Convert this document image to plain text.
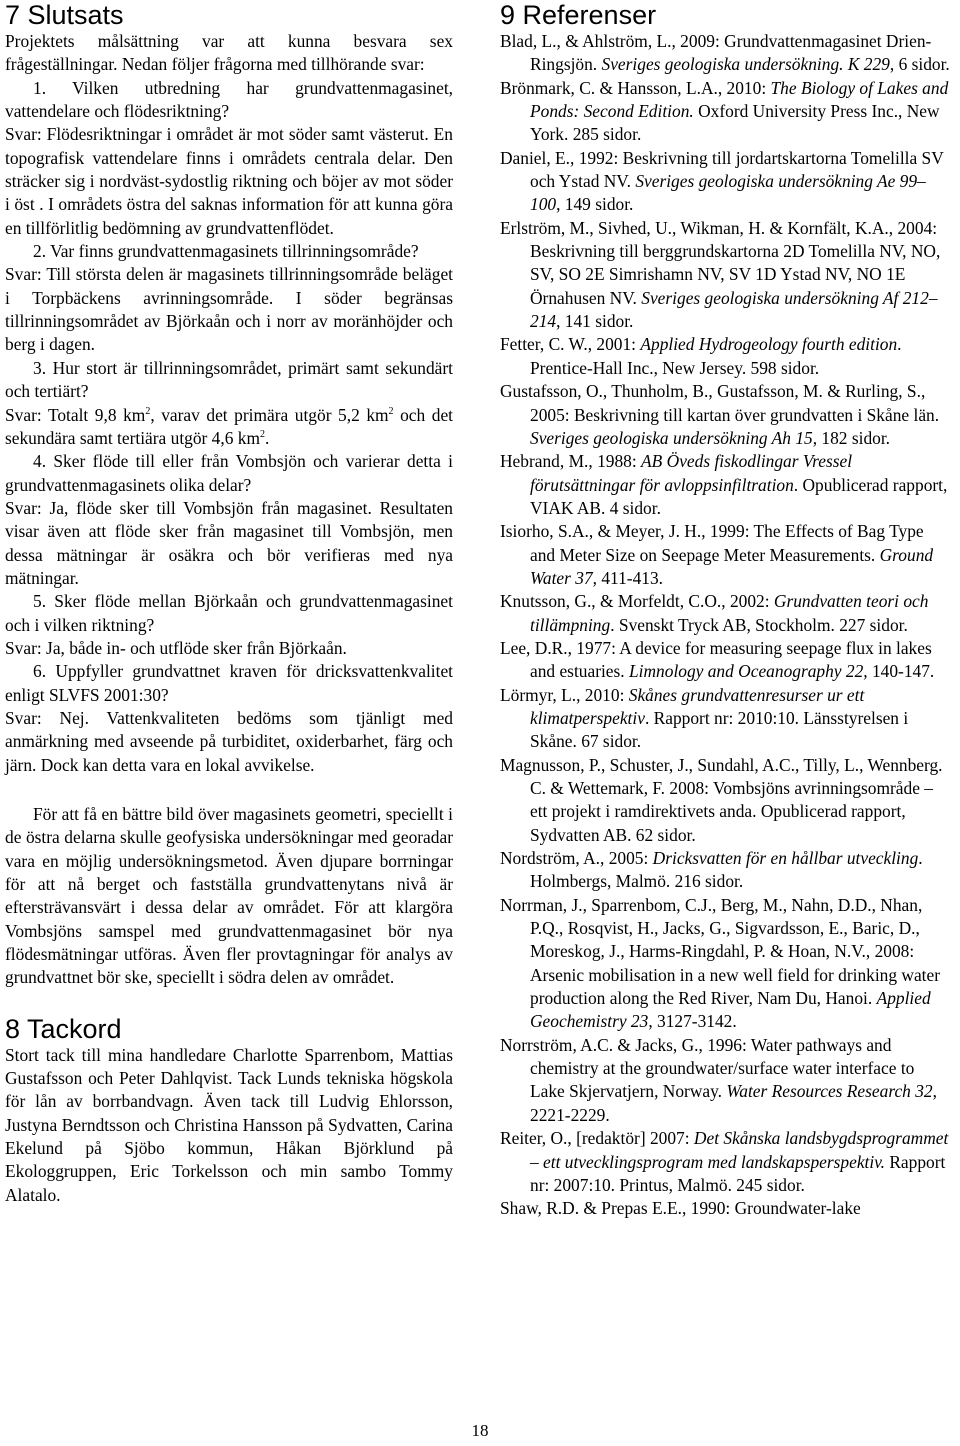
7 Slutsats

Projektets målsättning var att kunna besvara sex frågeställningar. Nedan följer frågorna med tillhörande svar:

1. Vilken utbredning har grundvattenmagasinet, vattendelare och flödesriktning?

Svar: Flödesriktningar i området är mot söder samt västerut. En topografisk vattendelare finns i områdets centrala delar. Den sträcker sig i nordväst-sydostlig riktning och böjer av mot söder i öst . I områdets östra del saknas information för att kunna göra en tillförlitlig bedömning av grundvattenflödet.

2. Var finns grundvattenmagasinets tillrinningsområde?

Svar: Till största delen är magasinets tillrinningsområde beläget i Torpbäckens avrinningsområde. I söder begränsas tillrinningsområdet av Björkaån och i norr av moränhöjder och berg i dagen.

3. Hur stort är tillrinningsområdet, primärt samt sekundärt och tertiärt?

Svar: Totalt 9,8 $km^2$, varav det primära utgör 5,2 $km^2$ och det sekundära samt tertiära utgör 4,6 $km^2$.

4. Sker flöde till eller från Vombsjön och varierar detta i grundvattenmagasinets olika delar?

Svar: Ja, flöde sker till Vombsjön från magasinet. Resultaten visar även att flöde sker från magasinet till Vombsjön, men dessa mätningar är osäkra och bör verifieras med nya mätningar.

5. Sker flöde mellan Björkaån och grundvattenmagasinet och i vilken riktning?

Svar: Ja, både in- och utflöde sker från Björkaån.

6. Uppfyller grundvattnet kraven för dricksvattenkvalitet enligt SLVFS 2001:30?

Svar: Nej. Vattenkvaliteten bedöms som tjänligt med anmärkning med avseende på turbiditet, oxiderbarhet, färg och järn. Dock kan detta vara en lokal avvikelse.

För att få en bättre bild över magasinets geometri, speciellt i de östra delarna skulle geofysiska undersökningar med georadar vara en möjlig undersökningsmetod. Även djupare borrningar för att nå berget och fastställa grundvattenytans nivå är eftersträvansvärt i dessa delar av området. För att klargöra Vombsjöns samspel med grundvattenmagasinet bör nya flödesmätningar utföras. Även fler provtagningar för analys av grundvattnet bör ske, speciellt i södra delen av området.

8 Tackord

Stort tack till mina handledare Charlotte Sparrenbom, Mattias Gustafsson och Peter Dahlqvist. Tack Lunds tekniska högskola för lån av borrbandvagn. Även tack till Ludvig Ehlorsson, Justyna Berndtsson och Christina Hansson på Sydvatten, Carina Ekelund på Sjöbo kommun, Håkan Björklund på Ekologgruppen, Eric Torkelsson och min sambo Tommy Alatalo.

9 Referenser

Blad, L., & Ahlström, L., 2009: Grundvattenmagasinet Drien- Ringsjön. Sveriges geologiska undersökning. K 229, 6 sidor.

Brönmark, C. & Hansson, L.A., 2010: The Biology of Lakes and Ponds: Second Edition. Oxford University Press Inc., New York. 285 sidor.

Daniel, E., 1992: Beskrivning till jordartskartorna Tomelilla SV och Ystad NV. Sveriges geologiska undersökning Ae 99–100, 149 sidor.

Erlström, M., Sivhed, U., Wikman, H. & Kornfält, K.A., 2004: Beskrivning till berggrundskartorna 2D Tomelilla NV, NO, SV, SO 2E Simrishamn NV, SV 1D Ystad NV, NO 1E Örnahusen NV. Sveriges geologiska undersökning Af 212– 214, 141 sidor.

Fetter, C. W., 2001: Applied Hydrogeology fourth edition. Prentice-Hall Inc., New Jersey. 598 sidor.

Gustafsson, O., Thunholm, B., Gustafsson, M. & Rurling, S., 2005: Beskrivning till kartan över grundvatten i Skåne län. Sveriges geologiska undersökning Ah 15, 182 sidor.

Hebrand, M., 1988: AB Öveds fiskodlingar Vressel förutsättningar för avloppsinfiltration. Opublicerad rapport, VIAK AB. 4 sidor.

Isiorho, S.A., & Meyer, J. H., 1999: The Effects of Bag Type and Meter Size on Seepage Meter Measurements. Ground Water 37, 411-413.

Knutsson, G., & Morfeldt, C.O., 2002: Grundvatten teori och tillämpning. Svenskt Tryck AB, Stockholm. 227 sidor.

Lee, D.R., 1977: A device for measuring seepage flux in lakes and estuaries. Limnology and Oceanography 22, 140-147.

Lörmyr, L., 2010: Skånes grundvattenresurser ur ett klimatperspektiv. Rapport nr: 2010:10. Länsstyrelsen i Skåne. 67 sidor.

Magnusson, P., Schuster, J., Sundahl, A.C., Tilly, L., Wennberg. C. & Wettemark, F. 2008: Vombsjöns avrinningsområde – ett projekt i ramdirektivets anda. Opublicerad rapport, Sydvatten AB. 62 sidor.

Nordström, A., 2005: Dricksvatten för en hållbar utveckling. Holmbergs, Malmö. 216 sidor.

Norrman, J., Sparrenbom, C.J., Berg, M., Nahn, D.D., Nhan, P.Q., Rosqvist, H., Jacks, G., Sigvardsson, E., Baric, D., Moreskog, J., Harms-Ringdahl, P. & Hoan, N.V., 2008: Arsenic mobilisation in a new well field for drinking water production along the Red River, Nam Du, Hanoi. Applied Geochemistry 23, 3127-3142.

Norrström, A.C. & Jacks, G., 1996: Water pathways and chemistry at the groundwater/surface water interface to Lake Skjervatjern, Norway. Water Resources Research 32, 2221-2229.

Reiter, O., [redaktör] 2007: Det Skånska landsbygdsprogrammet – ett utvecklingsprogram med landskapsperspektiv. Rapport nr: 2007:10. Printus, Malmö. 245 sidor.

Shaw, R.D. & Prepas E.E., 1990: Groundwater-lake

18
